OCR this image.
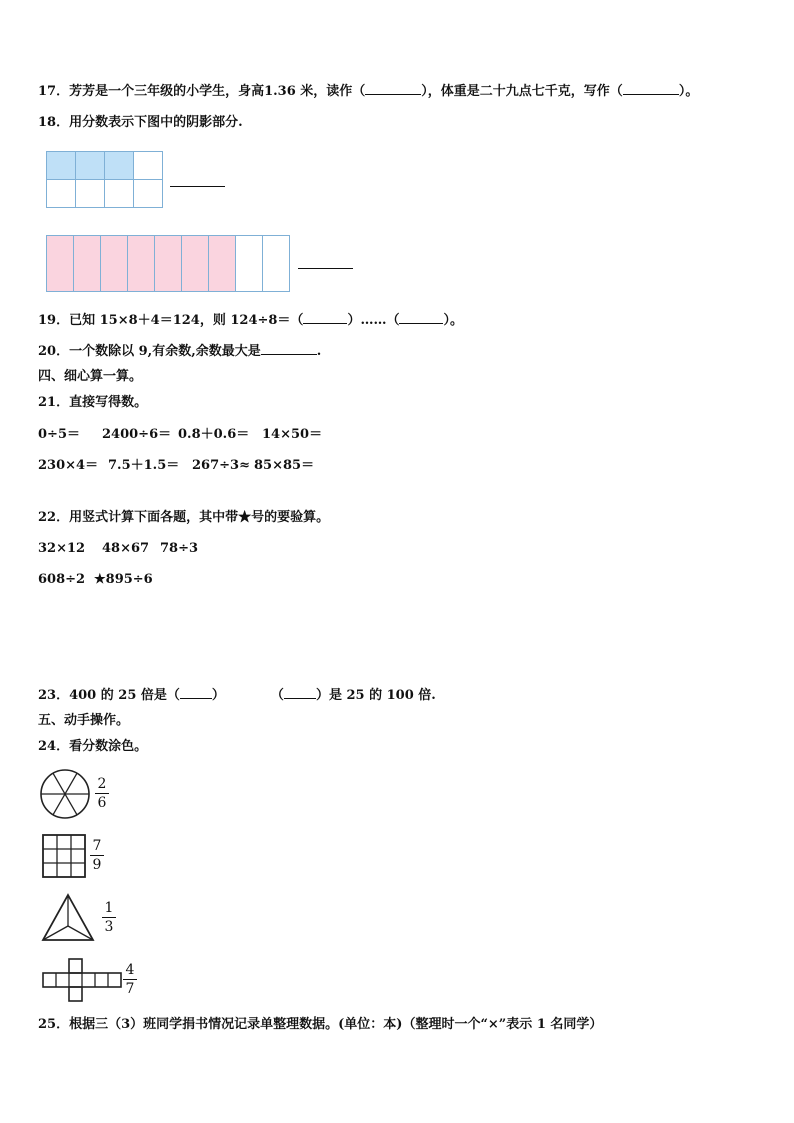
17．芳芳是一个三年级的小学生，身高1.36 米，读作（	），体重是二十九点七千克，写作（	）。
18．用分数表示下图中的阴影部分.

19．已知 15×8＋4＝124，则 124÷8＝（	）……（	）。
20．一个数除以 9,有余数,余数最大是	.
四、细心算一算。
21．直接写得数。
0÷5＝ 2400÷6＝ 0.8＋0.6＝ 14×50＝
230×4＝ 7.5＋1.5＝ 267÷3≈ 85×85＝
22．用竖式计算下面各题，其中带★号的要验算。
32×12 48×67 78÷3
608÷2 ★895÷6
23．400 的 25 倍是（ ）	（ ）是 25 的 100 倍.
五、动手操作。
24．看分数涂色。
2
6
7
9
1
3
4
7
25．根据三（3）班同学捐书情况记录单整理数据。(单位：本)（整理时一个“×”表示 1 名同学）
